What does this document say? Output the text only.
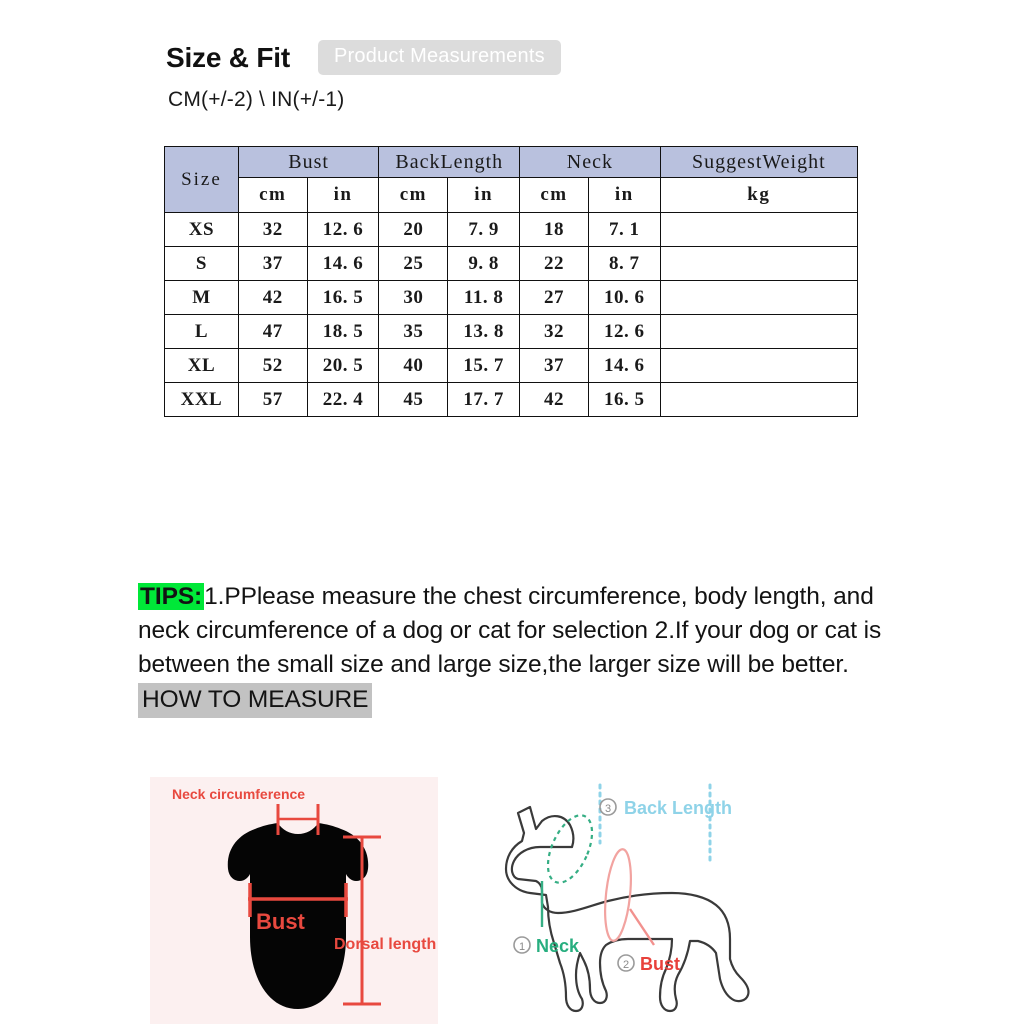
Size & Fit	Product Measurements
CM(+/-2) \ IN(+/-1)
Size	Bust		BackLength		Neck		SuggestWeight
	cm	in	cm	in	cm	in	kg
XS	32	12. 6	20	7. 9	18	7. 1	
S	37	14. 6	25	9. 8	22	8. 7	
M	42	16. 5	30	11. 8	27	10. 6	
L	47	18. 5	35	13. 8	32	12. 6	
XL	52	20. 5	40	15. 7	37	14. 6	
XXL	57	22. 4	45	17. 7	42	16. 5	
TIPS:1.PPlease measure the chest circumference, body length, and neck circumference of a dog or cat for selection 2.If your dog or cat is between the small size and large size,the larger size will be better.
HOW TO MEASURE
Neck circumference
Bust
Dorsal length
3 Back Length
1 Neck
2 Bust
